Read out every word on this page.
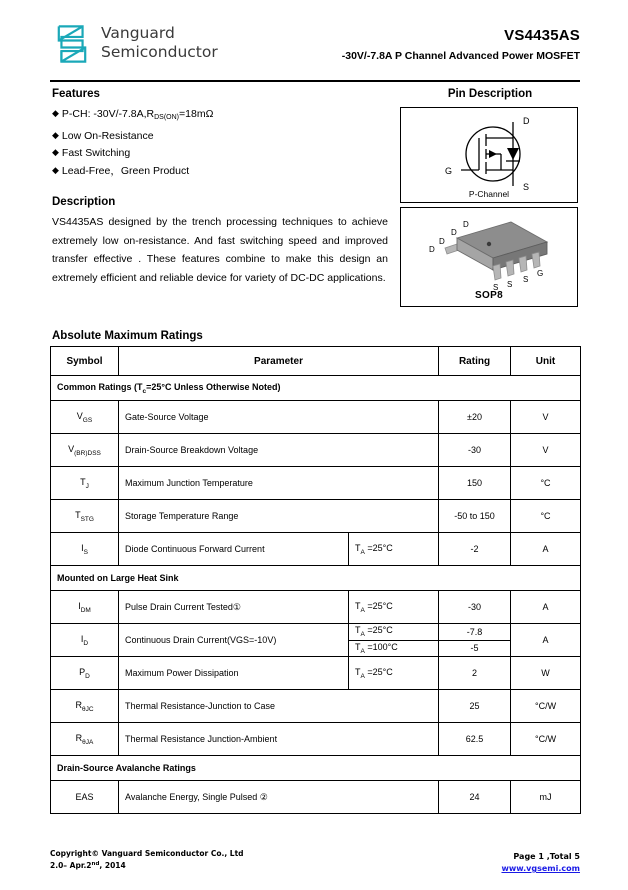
Vanguard
Semiconductor
VS4435AS
-30V/-7.8A P Channel Advanced Power MOSFET
Features
◆ P-CH: $-30V/-7.8A,R_{DS(ON)}=18m\Omega$
◆ Low On-Resistance
◆ Fast Switching
◆ Lead-Free，Green Product
Description

VS4435AS designed by the trench processing techniques to achieve extremely low on-resistance. And fast switching speed and improved transfer effective . These features combine to make this design an extremely efficient and reliable device for variety of DC-DC applications.

Pin Description
D
S
G
P-Channel
D
D
D
D
S S
S
G
SOP8
Absolute Maximum Ratings
Symbol	Parameter		Rating	Unit
Common Ratings ($T_c=25^\circ C$ Unless Otherwise Noted)				
$V_{GS}$	Gate-Source Voltage		±20	V
$V_{(BR)DSS}$	Drain-Source Breakdown Voltage		-30	V
$T_J$	Maximum Junction Temperature		150	°C
$T_{STG}$	Storage Temperature Range		-50 to 150	°C
$I_S$	Diode Continuous Forward Current	$T_A =25^\circ C$	-2	A
Mounted on Large Heat Sink				
$I_{DM}$	Pulse Drain Current Tested①	$T_A =25^\circ C$	-30	A
$I_D$	Continuous Drain Current(VGS=-10V)	$T_A =25^\circ C$	-7.8	A
		$T_A =100^\circ C$	-5	
$P_D$	Maximum Power Dissipation	$T_A =25^\circ C$	2	W
$R_{\theta JC}$	Thermal Resistance-Junction to Case		25	°C/W
$R_{\theta JA}$	Thermal Resistance Junction-Ambient		62.5	°C/W
Drain-Source Avalanche Ratings				
EAS	Avalanche Energy, Single Pulsed ②		24	mJ
Copyright© Vanguard Semiconductor Co., Ltd
2.0– Apr.2nd, 2014
Page 1 ,Total 5
www.vgsemi.com
